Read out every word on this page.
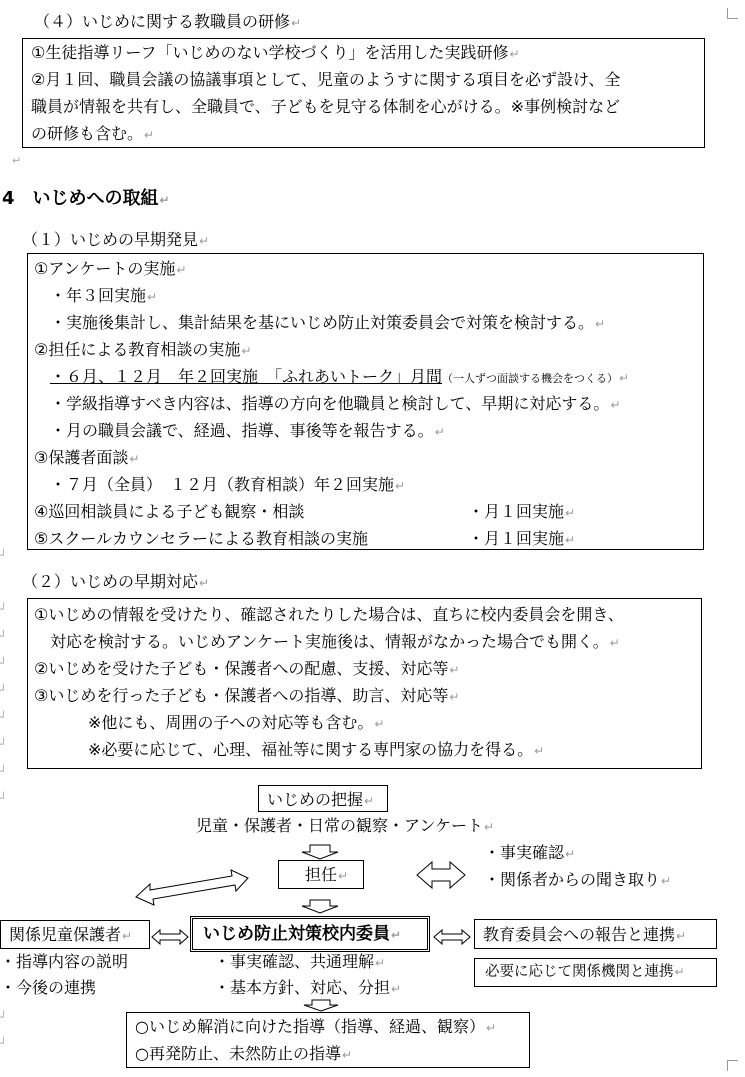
（４）いじめに関する教職員の研修↵
①生徒指導リーフ「いじめのない学校づくり」を活用した実践研修↵
②月１回、職員会議の協議事項として、児童のようすに関する項目を必ず設け、全
職員が情報を共有し、全職員で、子どもを見守る体制を心がける。※事例検討など
の研修も含む。↵
↵
4　いじめへの取組↵
（１）いじめの早期発見↵
①アンケートの実施↵
・年３回実施↵
・実施後集計し、集計結果を基にいじめ防止対策委員会で対策を検討する。↵
②担任による教育相談の実施↵
・６月、１２月　年２回実施　「ふれあいトーク」月間（一人ずつ面談する機会をつくる）↵
・学級指導すべき内容は、指導の方向を他職員と検討して、早期に対応する。↵
・月の職員会議で、経過、指導、事後等を報告する。↵
③保護者面談↵
・７月（全員）　１２月（教育相談）年２回実施↵
④巡回相談員による子ども観察・相談	・月１回実施↵
⑤スクールカウンセラーによる教育相談の実施	・月１回実施↵
┘
（２）いじめの早期対応↵
①いじめの情報を受けたり、確認されたりした場合は、直ちに校内委員会を開き、
対応を検討する。いじめアンケート実施後は、情報がなかった場合でも開く。↵
②いじめを受けた子ども・保護者への配慮、支援、対応等↵
③いじめを行った子ども・保護者への指導、助言、対応等↵
※他にも、周囲の子への対応等も含む。↵
※必要に応じて、心理、福祉等に関する専門家の協力を得る。↵
┘
┘
┘
┘
┘
┘
┘
┘	いじめの把握↵
児童・保護者・日常の観察・アンケート↵
担任↵
・事実確認↵
・関係者からの聞き取り↵
いじめ防止対策校内委員↵
・事実確認、共通理解↵
・基本方針、対応、分担↵
関係児童保護者↵
・指導内容の説明
・今後の連携
教育委員会への報告と連携↵
必要に応じて関係機関と連携↵
○いじめ解消に向けた指導（指導、経過、観察）↵
○再発防止、未然防止の指導↵
┘
┘
